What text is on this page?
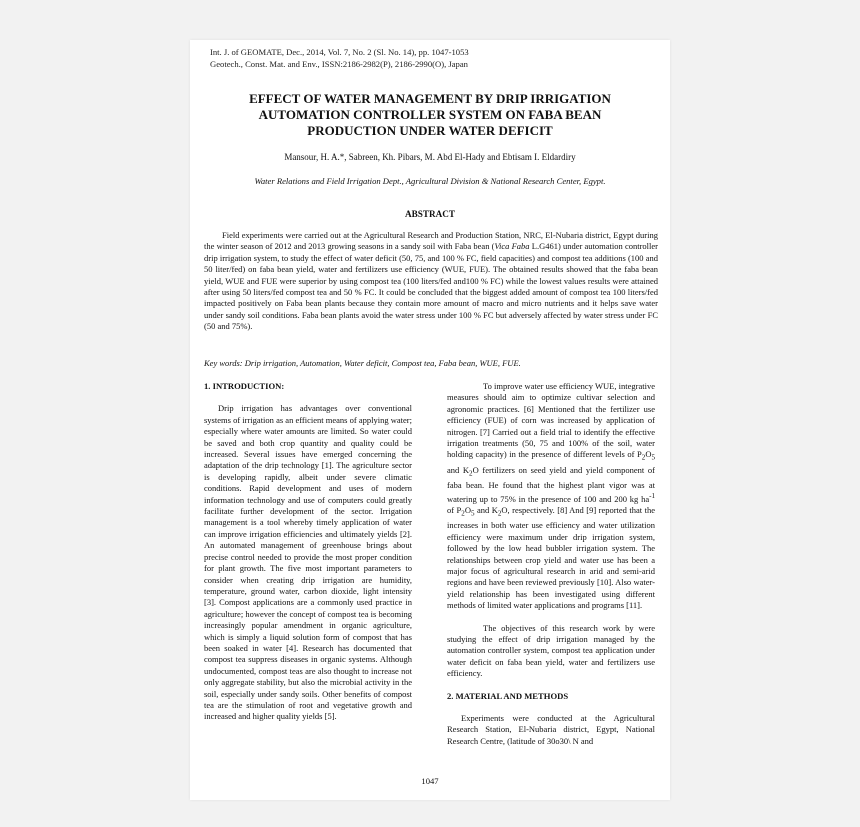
Int. J. of GEOMATE, Dec., 2014, Vol. 7, No. 2 (Sl. No. 14), pp. 1047-1053
Geotech., Const. Mat. and Env., ISSN:2186-2982(P), 2186-2990(O), Japan
EFFECT OF WATER MANAGEMENT BY DRIP IRRIGATION
AUTOMATION CONTROLLER SYSTEM ON FABA BEAN
PRODUCTION UNDER WATER DEFICIT
Mansour, H. A.*, Sabreen, Kh. Pibars, M. Abd El-Hady and Ebtisam I. Eldardiry
Water Relations and Field Irrigation Dept., Agricultural Division & National Research Center, Egypt.
ABSTRACT

Field experiments were carried out at the Agricultural Research and Production Station, NRC, El-Nubaria district, Egypt during the winter season of 2012 and 2013 growing seasons in a sandy soil with Faba bean (Vica Faba L.G461) under automation controller drip irrigation system, to study the effect of water deficit (50, 75, and 100 % FC, field capacities) and compost tea additions (100 and 50 liter/fed) on faba bean yield, water and fertilizers use efficiency (WUE, FUE). The obtained results showed that the faba bean yield, WUE and FUE were superior by using compost tea (100 liters/fed and100 % FC) while the lowest values results were attained after using 50 liters/fed compost tea and 50 % FC. It could be concluded that the biggest added amount of compost tea 100 liters/fed impacted positively on Faba bean plants because they contain more amount of macro and micro nutrients and it helps save water under sandy soil conditions. Faba bean plants avoid the water stress under 100 % FC but adversely affected by water stress under FC (50 and 75%).

Key words: Drip irrigation, Automation, Water deficit, Compost tea, Faba bean, WUE, FUE.
1. INTRODUCTION:

Drip irrigation has advantages over conventional systems of irrigation as an efficient means of applying water; especially where water amounts are limited. So water could be saved and both crop quantity and quality could be increased. Several issues have emerged concerning the adaptation of the drip technology [1]. The agriculture sector is developing rapidly, albeit under severe climatic conditions. Rapid development and uses of modern information technology and use of computers could greatly facilitate further development of the sector. Irrigation management is a tool whereby timely application of water can improve irrigation efficiencies and ultimately yields [2]. An automated management of greenhouse brings about precise control needed to provide the most proper condition for plant growth. The five most important parameters to consider when creating drip irrigation are humidity, temperature, ground water, carbon dioxide, light intensity [3]. Compost applications are a commonly used practice in agriculture; however the concept of compost tea is becoming increasingly popular amendment in organic agriculture, which is simply a liquid solution form of compost that has been soaked in water [4]. Research has documented that compost tea suppress diseases in organic systems. Although undocumented, compost teas are also thought to increase not only aggregate stability, but also the microbial activity in the soil, especially under sandy soils. Other benefits of compost tea are the stimulation of root and vegetative growth and increased and higher quality yields [5].

To improve water use efficiency WUE, integrative measures should aim to optimize cultivar selection and agronomic practices. [6] Mentioned that the fertilizer use efficiency (FUE) of corn was increased by application of nitrogen. [7] Carried out a field trial to identify the effective irrigation treatments (50, 75 and 100% of the soil, water holding capacity) in the presence of different levels of $P_2O_5$ and $K_2O$ fertilizers on seed yield and yield component of faba bean. He found that the highest plant vigor was at watering up to 75% in the presence of 100 and 200 kg $ha^{-1}$ of $P_2O_5$ and $K_2O$, respectively. [8] And [9] reported that the increases in both water use efficiency and water utilization efficiency were maximum under drip irrigation system, followed by the low head bubbler irrigation system. The relationships between crop yield and water use has been a major focus of agricultural research in arid and semi-arid regions and have been reviewed previously [10]. Also water-yield relationship has been investigated using different methods of limited water applications and programs [11].

The objectives of this research work by were studying the effect of drip irrigation managed by the automation controller system, compost tea application under water deficit on faba bean yield, water and fertilizers use efficiency.

2. MATERIAL AND METHODS

Experiments were conducted at the Agricultural Research Station, El-Nubaria district, Egypt, National Research Centre, (latitude of 30o30\ N and

1047
